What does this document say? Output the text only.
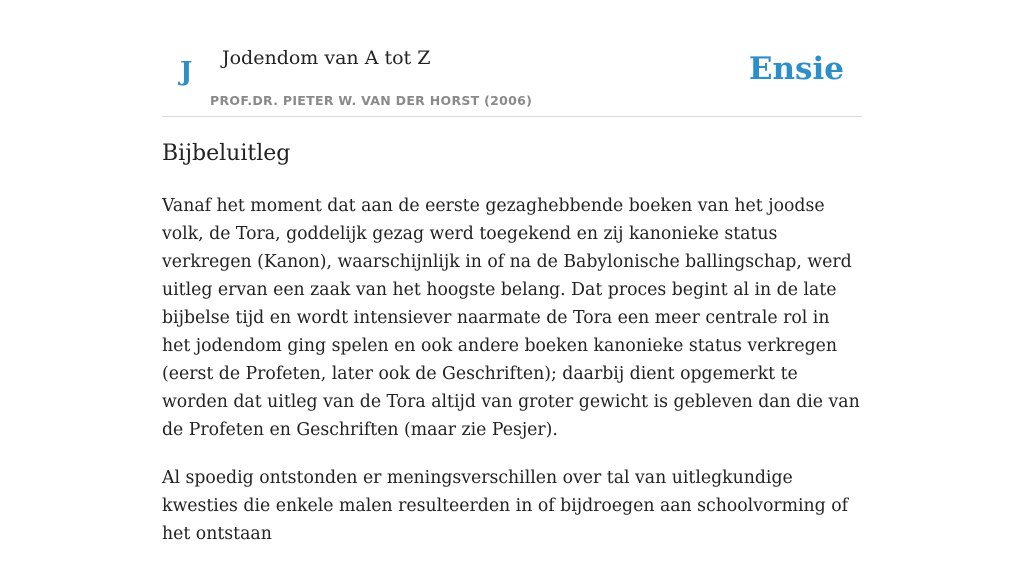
J Jodendom van A tot Z
PROF.DR. PIETER W. VAN DER HORST (2006)
Ensie
Bijbeluitleg

Vanaf het moment dat aan de eerste gezaghebbende boeken van het joodse volk, de Tora, goddelijk gezag werd toegekend en zij kanonieke status verkregen (Kanon), waarschijnlijk in of na de Babylonische ballingschap, werd uitleg ervan een zaak van het hoogste belang. Dat proces begint al in de late bijbelse tijd en wordt intensiever naarmate de Tora een meer centrale rol in het jodendom ging spelen en ook andere boeken kanonieke status verkregen (eerst de Profeten, later ook de Geschriften); daarbij dient opgemerkt te worden dat uitleg van de Tora altijd van groter gewicht is gebleven dan die van de Profeten en Geschriften (maar zie Pesjer).

Al spoedig ontstonden er meningsverschillen over tal van uitlegkundige kwesties die enkele malen resulteerden in of bijdroegen aan schoolvorming of het ontstaan
